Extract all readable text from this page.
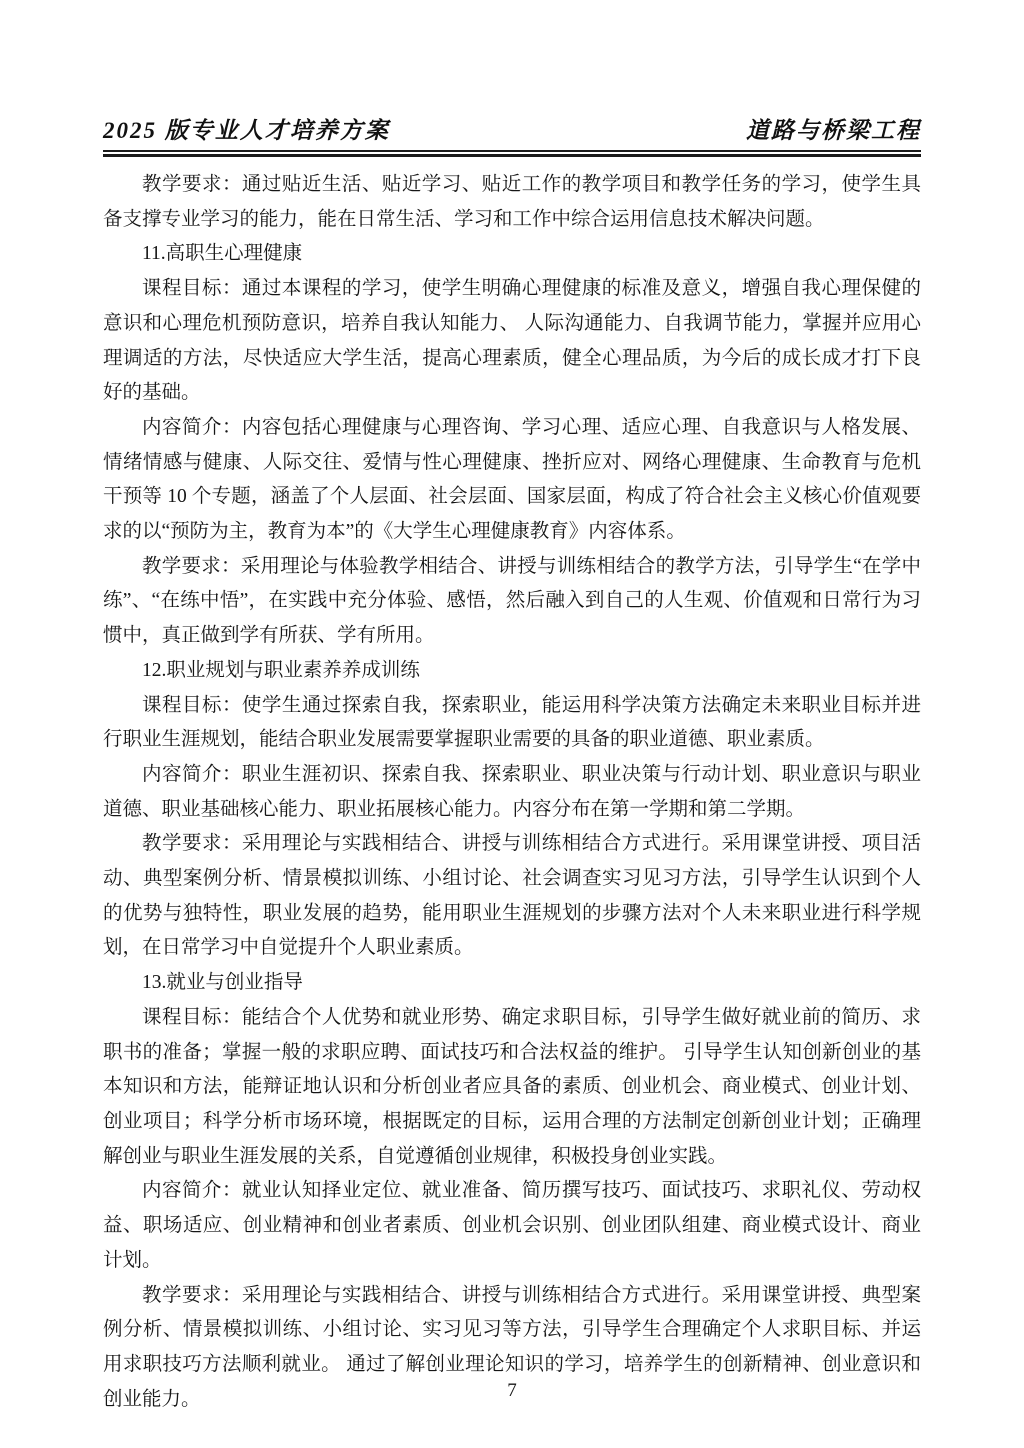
2025 版专业人才培养方案	道路与桥梁工程

教学要求：通过贴近生活、贴近学习、贴近工作的教学项目和教学任务的学习，使学生具备支撑专业学习的能力，能在日常生活、学习和工作中综合运用信息技术解决问题。

11.高职生心理健康

课程目标：通过本课程的学习，使学生明确心理健康的标准及意义，增强自我心理保健的意识和心理危机预防意识，培养自我认知能力、 人际沟通能力、自我调节能力，掌握并应用心理调适的方法，尽快适应大学生活，提高心理素质，健全心理品质，为今后的成长成才打下良好的基础。

内容简介：内容包括心理健康与心理咨询、学习心理、适应心理、自我意识与人格发展、情绪情感与健康、人际交往、爱情与性心理健康、挫折应对、网络心理健康、生命教育与危机干预等 10 个专题，涵盖了个人层面、社会层面、国家层面，构成了符合社会主义核心价值观要求的以“预防为主，教育为本”的《大学生心理健康教育》内容体系。

教学要求：采用理论与体验教学相结合、讲授与训练相结合的教学方法，引导学生“在学中练”、“在练中悟”，在实践中充分体验、感悟，然后融入到自己的人生观、价值观和日常行为习惯中，真正做到学有所获、学有所用。

12.职业规划与职业素养养成训练

课程目标：使学生通过探索自我，探索职业，能运用科学决策方法确定未来职业目标并进行职业生涯规划，能结合职业发展需要掌握职业需要的具备的职业道德、职业素质。

内容简介：职业生涯初识、探索自我、探索职业、职业决策与行动计划、职业意识与职业道德、职业基础核心能力、职业拓展核心能力。内容分布在第一学期和第二学期。

教学要求：采用理论与实践相结合、讲授与训练相结合方式进行。采用课堂讲授、项目活动、典型案例分析、情景模拟训练、小组讨论、社会调查实习见习方法，引导学生认识到个人的优势与独特性，职业发展的趋势，能用职业生涯规划的步骤方法对个人未来职业进行科学规划，在日常学习中自觉提升个人职业素质。

13.就业与创业指导

课程目标：能结合个人优势和就业形势、确定求职目标，引导学生做好就业前的简历、求职书的准备；掌握一般的求职应聘、面试技巧和合法权益的维护。 引导学生认知创新创业的基本知识和方法，能辩证地认识和分析创业者应具备的素质、创业机会、商业模式、创业计划、创业项目；科学分析市场环境，根据既定的目标，运用合理的方法制定创新创业计划；正确理解创业与职业生涯发展的关系，自觉遵循创业规律，积极投身创业实践。

内容简介：就业认知择业定位、就业准备、简历撰写技巧、面试技巧、求职礼仪、劳动权益、职场适应、创业精神和创业者素质、创业机会识别、创业团队组建、商业模式设计、商业计划。

教学要求：采用理论与实践相结合、讲授与训练相结合方式进行。采用课堂讲授、典型案例分析、情景模拟训练、小组讨论、实习见习等方法，引导学生合理确定个人求职目标、并运用求职技巧方法顺利就业。 通过了解创业理论知识的学习，培养学生的创新精神、创业意识和创业能力。	7
